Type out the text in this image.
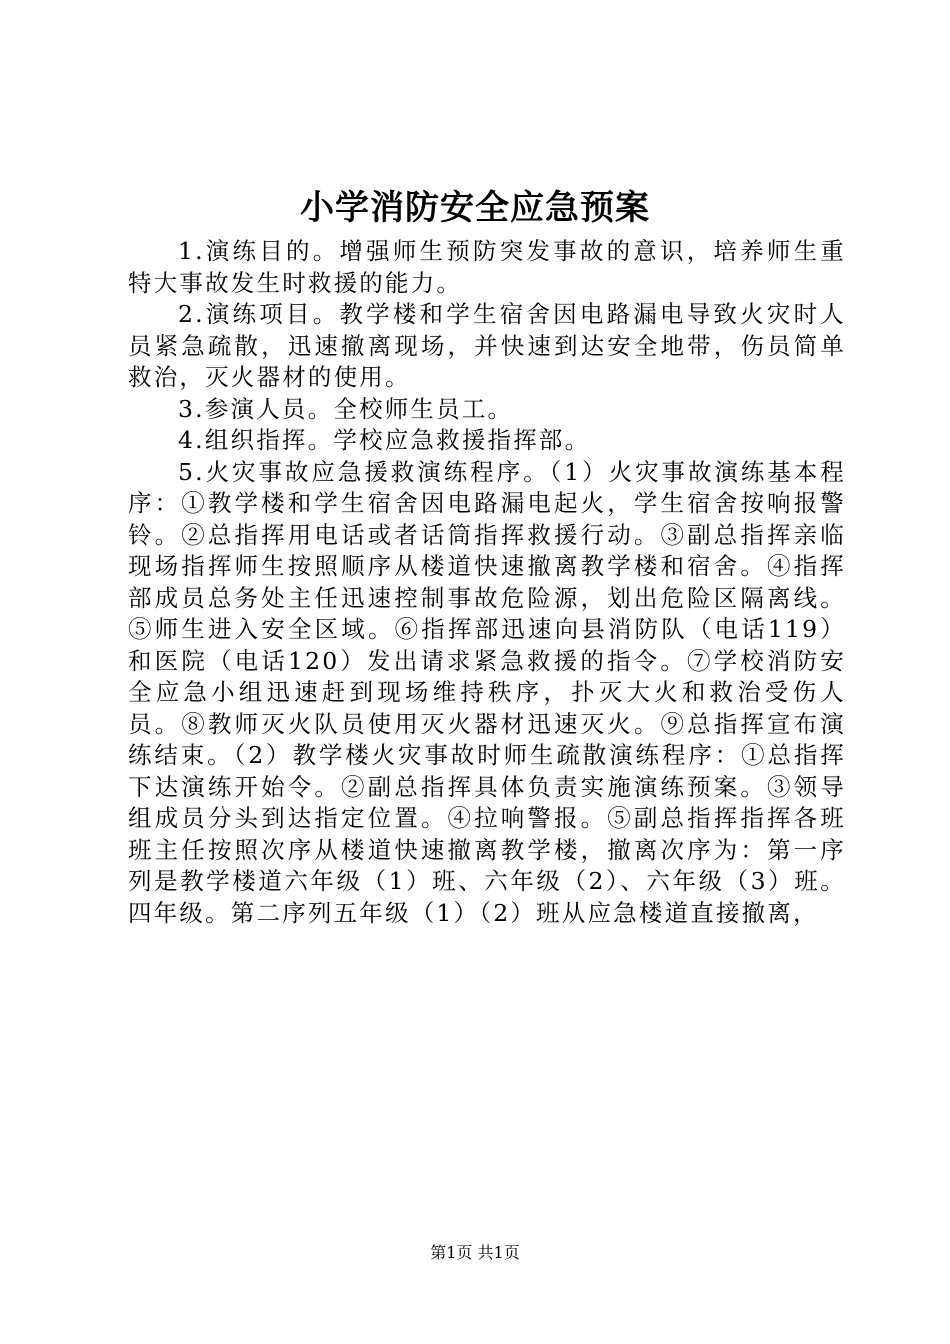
小学消防安全应急预案

1.演练目的。增强师生预防突发事故的意识，培养师生重特大事故发生时救援的能力。

2.演练项目。教学楼和学生宿舍因电路漏电导致火灾时人员紧急疏散，迅速撤离现场，并快速到达安全地带，伤员简单救治，灭火器材的使用。

3.参演人员。全校师生员工。

4.组织指挥。学校应急救援指挥部。

5.火灾事故应急援救演练程序。（1）火灾事故演练基本程序：①教学楼和学生宿舍因电路漏电起火，学生宿舍按响报警铃。②总指挥用电话或者话筒指挥救援行动。③副总指挥亲临现场指挥师生按照顺序从楼道快速撤离教学楼和宿舍。④指挥部成员总务处主任迅速控制事故危险源，划出危险区隔离线。⑤师生进入安全区域。⑥指挥部迅速向县消防队（电话119）和医院（电话120）发出请求紧急救援的指令。⑦学校消防安全应急小组迅速赶到现场维持秩序，扑灭大火和救治受伤人员。⑧教师灭火队员使用灭火器材迅速灭火。⑨总指挥宣布演练结束。（2）教学楼火灾事故时师生疏散演练程序：①总指挥下达演练开始令。②副总指挥具体负责实施演练预案。③领导组成员分头到达指定位置。④拉响警报。⑤副总指挥指挥各班班主任按照次序从楼道快速撤离教学楼，撤离次序为：第一序列是教学楼道六年级（1）班、六年级（2）、六年级（3）班。四年级。第二序列五年级（1）（2）班从应急楼道直接撤离，

第1页 共1页
